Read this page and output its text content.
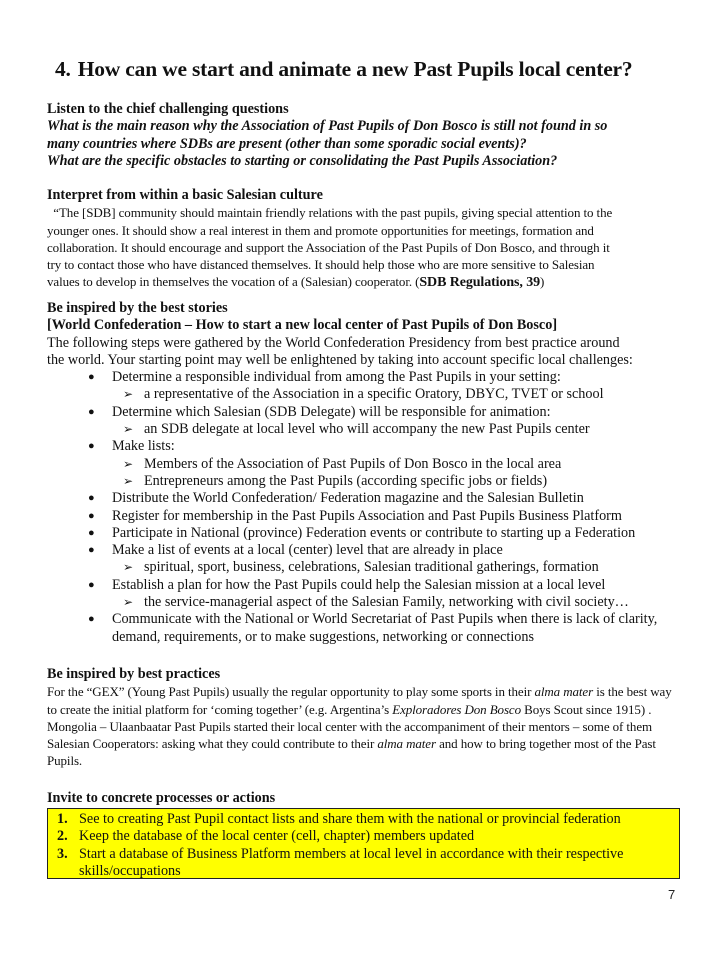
4. How can we start and animate a new Past Pupils local center?
Listen to the chief challenging questions
What is the main reason why the Association of Past Pupils of Don Bosco is still not found in so
many countries where SDBs are present (other than some sporadic social events)?
What are the specific obstacles to starting or consolidating the Past Pupils Association?
Interpret from within a basic Salesian culture
“The [SDB] community should maintain friendly relations with the past pupils, giving special attention to the
younger ones. It should show a real interest in them and promote opportunities for meetings, formation and
collaboration. It should encourage and support the Association of the Past Pupils of Don Bosco, and through it
try to contact those who have distanced themselves. It should help those who are more sensitive to Salesian
values to develop in themselves the vocation of a (Salesian) cooperator. (SDB Regulations, 39)
Be inspired by the best stories
[World Confederation – How to start a new local center of Past Pupils of Don Bosco]
The following steps were gathered by the World Confederation Presidency from best practice around
the world. Your starting point may well be enlightened by taking into account specific local challenges:
● Determine a responsible individual from among the Past Pupils in your setting:
➢ a representative of the Association in a specific Oratory, DBYC, TVET or school
● Determine which Salesian (SDB Delegate) will be responsible for animation:
➢ an SDB delegate at local level who will accompany the new Past Pupils center
● Make lists:
➢ Members of the Association of Past Pupils of Don Bosco in the local area
➢ Entrepreneurs among the Past Pupils (according specific jobs or fields)
● Distribute the World Confederation/ Federation magazine and the Salesian Bulletin
● Register for membership in the Past Pupils Association and Past Pupils Business Platform
● Participate in National (province) Federation events or contribute to starting up a Federation
● Make a list of events at a local (center) level that are already in place
➢ spiritual, sport, business, celebrations, Salesian traditional gatherings, formation
● Establish a plan for how the Past Pupils could help the Salesian mission at a local level
➢ the service-managerial aspect of the Salesian Family, networking with civil society…
● Communicate with the National or World Secretariat of Past Pupils when there is lack of clarity, demand, requirements, or to make suggestions, networking or connections
Be inspired by best practices
For the “GEX” (Young Past Pupils) usually the regular opportunity to play some sports in their alma mater is the best way to create the initial platform for ‘coming together’ (e.g. Argentina’s Exploradores Don Bosco Boys Scout since 1915) .
Mongolia – Ulaanbaatar Past Pupils started their local center with the accompaniment of their mentors – some of them Salesian Cooperators: asking what they could contribute to their alma mater and how to bring together most of the Past Pupils.
Invite to concrete processes or actions
1. See to creating Past Pupil contact lists and share them with the national or provincial federation
2. Keep the database of the local center (cell, chapter) members updated
3. Start a database of Business Platform members at local level in accordance with their respective skills/occupations
7
